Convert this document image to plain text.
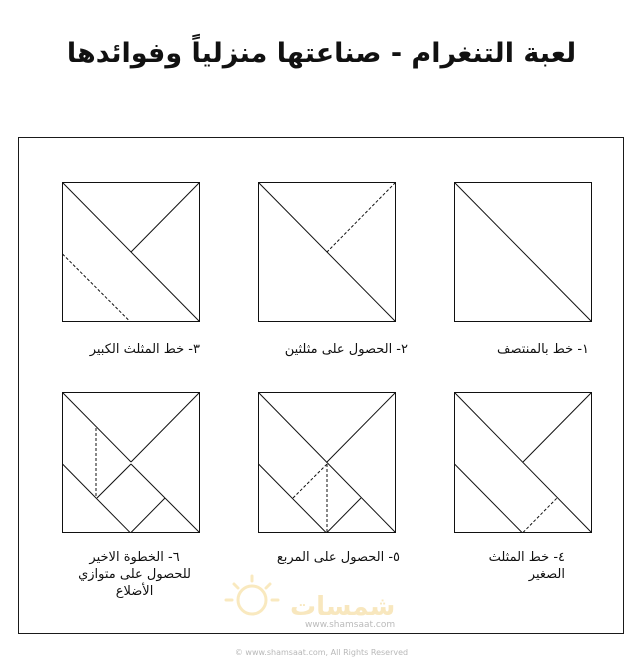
لعبة التنغرام - صناعتها منزلياً وفوائدها
١- خط بالمنتصف
٢- الحصول على مثلثين
٣- خط المثلث الكبير
٤- خط المثلث
الصغير
٥- الحصول على المربع
٦- الخطوة الاخير
للحصول على متوازي
الأضلاع
شمسات
www.shamsaat.com
© www.shamsaat.com, All Rights Reserved
